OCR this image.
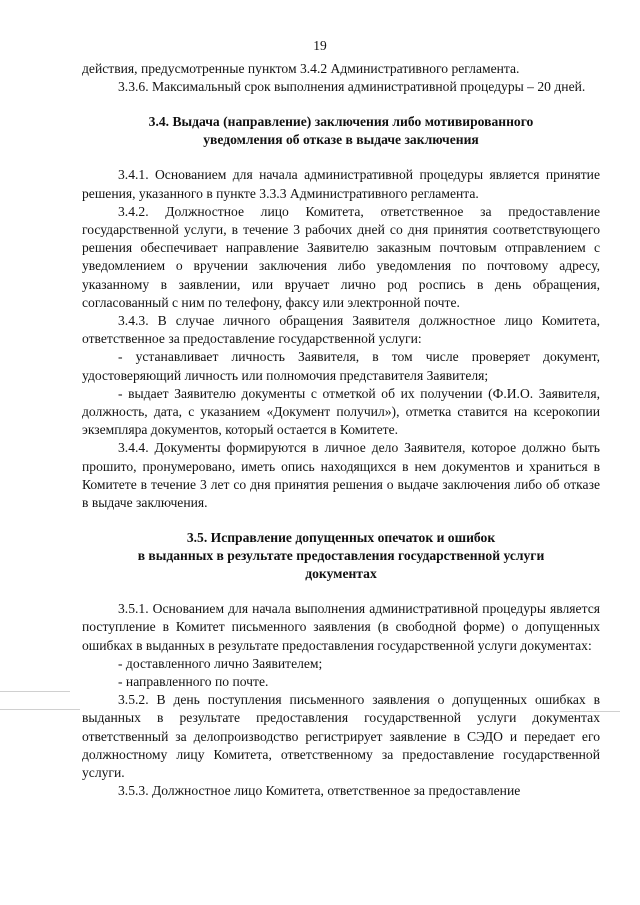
19

действия, предусмотренные пунктом 3.4.2 Административного регламента.

3.3.6. Максимальный срок выполнения административной процедуры – 20 дней.

3.4. Выдача (направление) заключения либо мотивированного
уведомления об отказе в выдаче заключения

3.4.1. Основанием для начала административной процедуры является принятие решения, указанного в пункте 3.3.3 Административного регламента.

3.4.2. Должностное лицо Комитета, ответственное за предоставление государственной услуги, в течение 3 рабочих дней со дня принятия соответствующего решения обеспечивает направление Заявителю заказным почтовым отправлением с уведомлением о вручении заключения либо уведомления по почтовому адресу, указанному в заявлении, или вручает лично род роспись в день обращения, согласованный с ним по телефону, факсу или электронной почте.

3.4.3. В случае личного обращения Заявителя должностное лицо Комитета, ответственное за предоставление государственной услуги:

- устанавливает личность Заявителя, в том числе проверяет документ, удостоверяющий личность или полномочия представителя Заявителя;

- выдает Заявителю документы с отметкой об их получении (Ф.И.О. Заявителя, должность, дата, с указанием «Документ получил»), отметка ставится на ксерокопии экземпляра документов, который остается в Комитете.

3.4.4. Документы формируются в личное дело Заявителя, которое должно быть прошито, пронумеровано, иметь опись находящихся в нем документов и храниться в Комитете в течение 3 лет со дня принятия решения о выдаче заключения либо об отказе в выдаче заключения.

3.5. Исправление допущенных опечаток и ошибок
в выданных в результате предоставления государственной услуги
документах

3.5.1. Основанием для начала выполнения административной процедуры является поступление в Комитет письменного заявления (в свободной форме) о допущенных ошибках в выданных в результате предоставления государственной услуги документах:

- доставленного лично Заявителем;

- направленного по почте.

3.5.2. В день поступления письменного заявления о допущенных ошибках в выданных в результате предоставления государственной услуги документах ответственный за делопроизводство регистрирует заявление в СЭДО и передает его должностному лицу Комитета, ответственному за предоставление государственной услуги.

3.5.3. Должностное лицо Комитета, ответственное за предоставление
